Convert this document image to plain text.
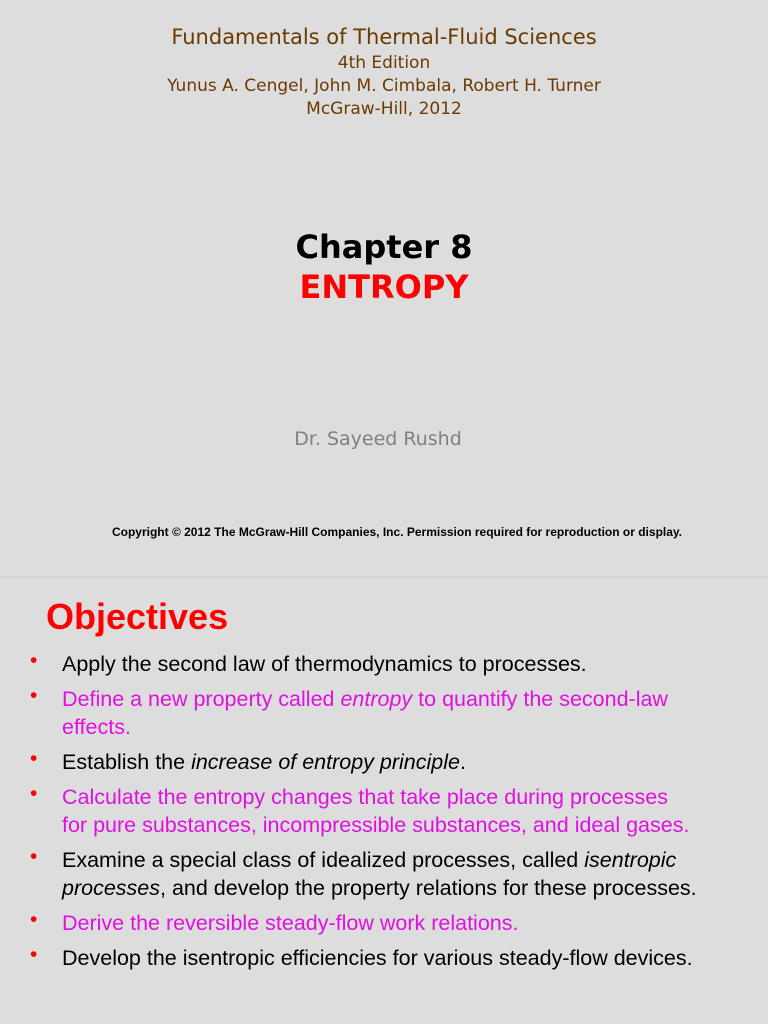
Fundamentals of Thermal-Fluid Sciences
4th Edition
Yunus A. Cengel, John M. Cimbala, Robert H. Turner
McGraw-Hill, 2012
Chapter 8
ENTROPY
Dr. Sayeed Rushd
Copyright © 2012 The McGraw-Hill Companies, Inc. Permission required for reproduction or display.
Objectives
• Apply the second law of thermodynamics to processes.
• Define a new property called entropy to quantify the second-law effects.
• Establish the increase of entropy principle.
• Calculate the entropy changes that take place during processes for pure substances, incompressible substances, and ideal gases.
• Examine a special class of idealized processes, called isentropic processes, and develop the property relations for these processes.
• Derive the reversible steady-flow work relations.
• Develop the isentropic efficiencies for various steady-flow devices.
